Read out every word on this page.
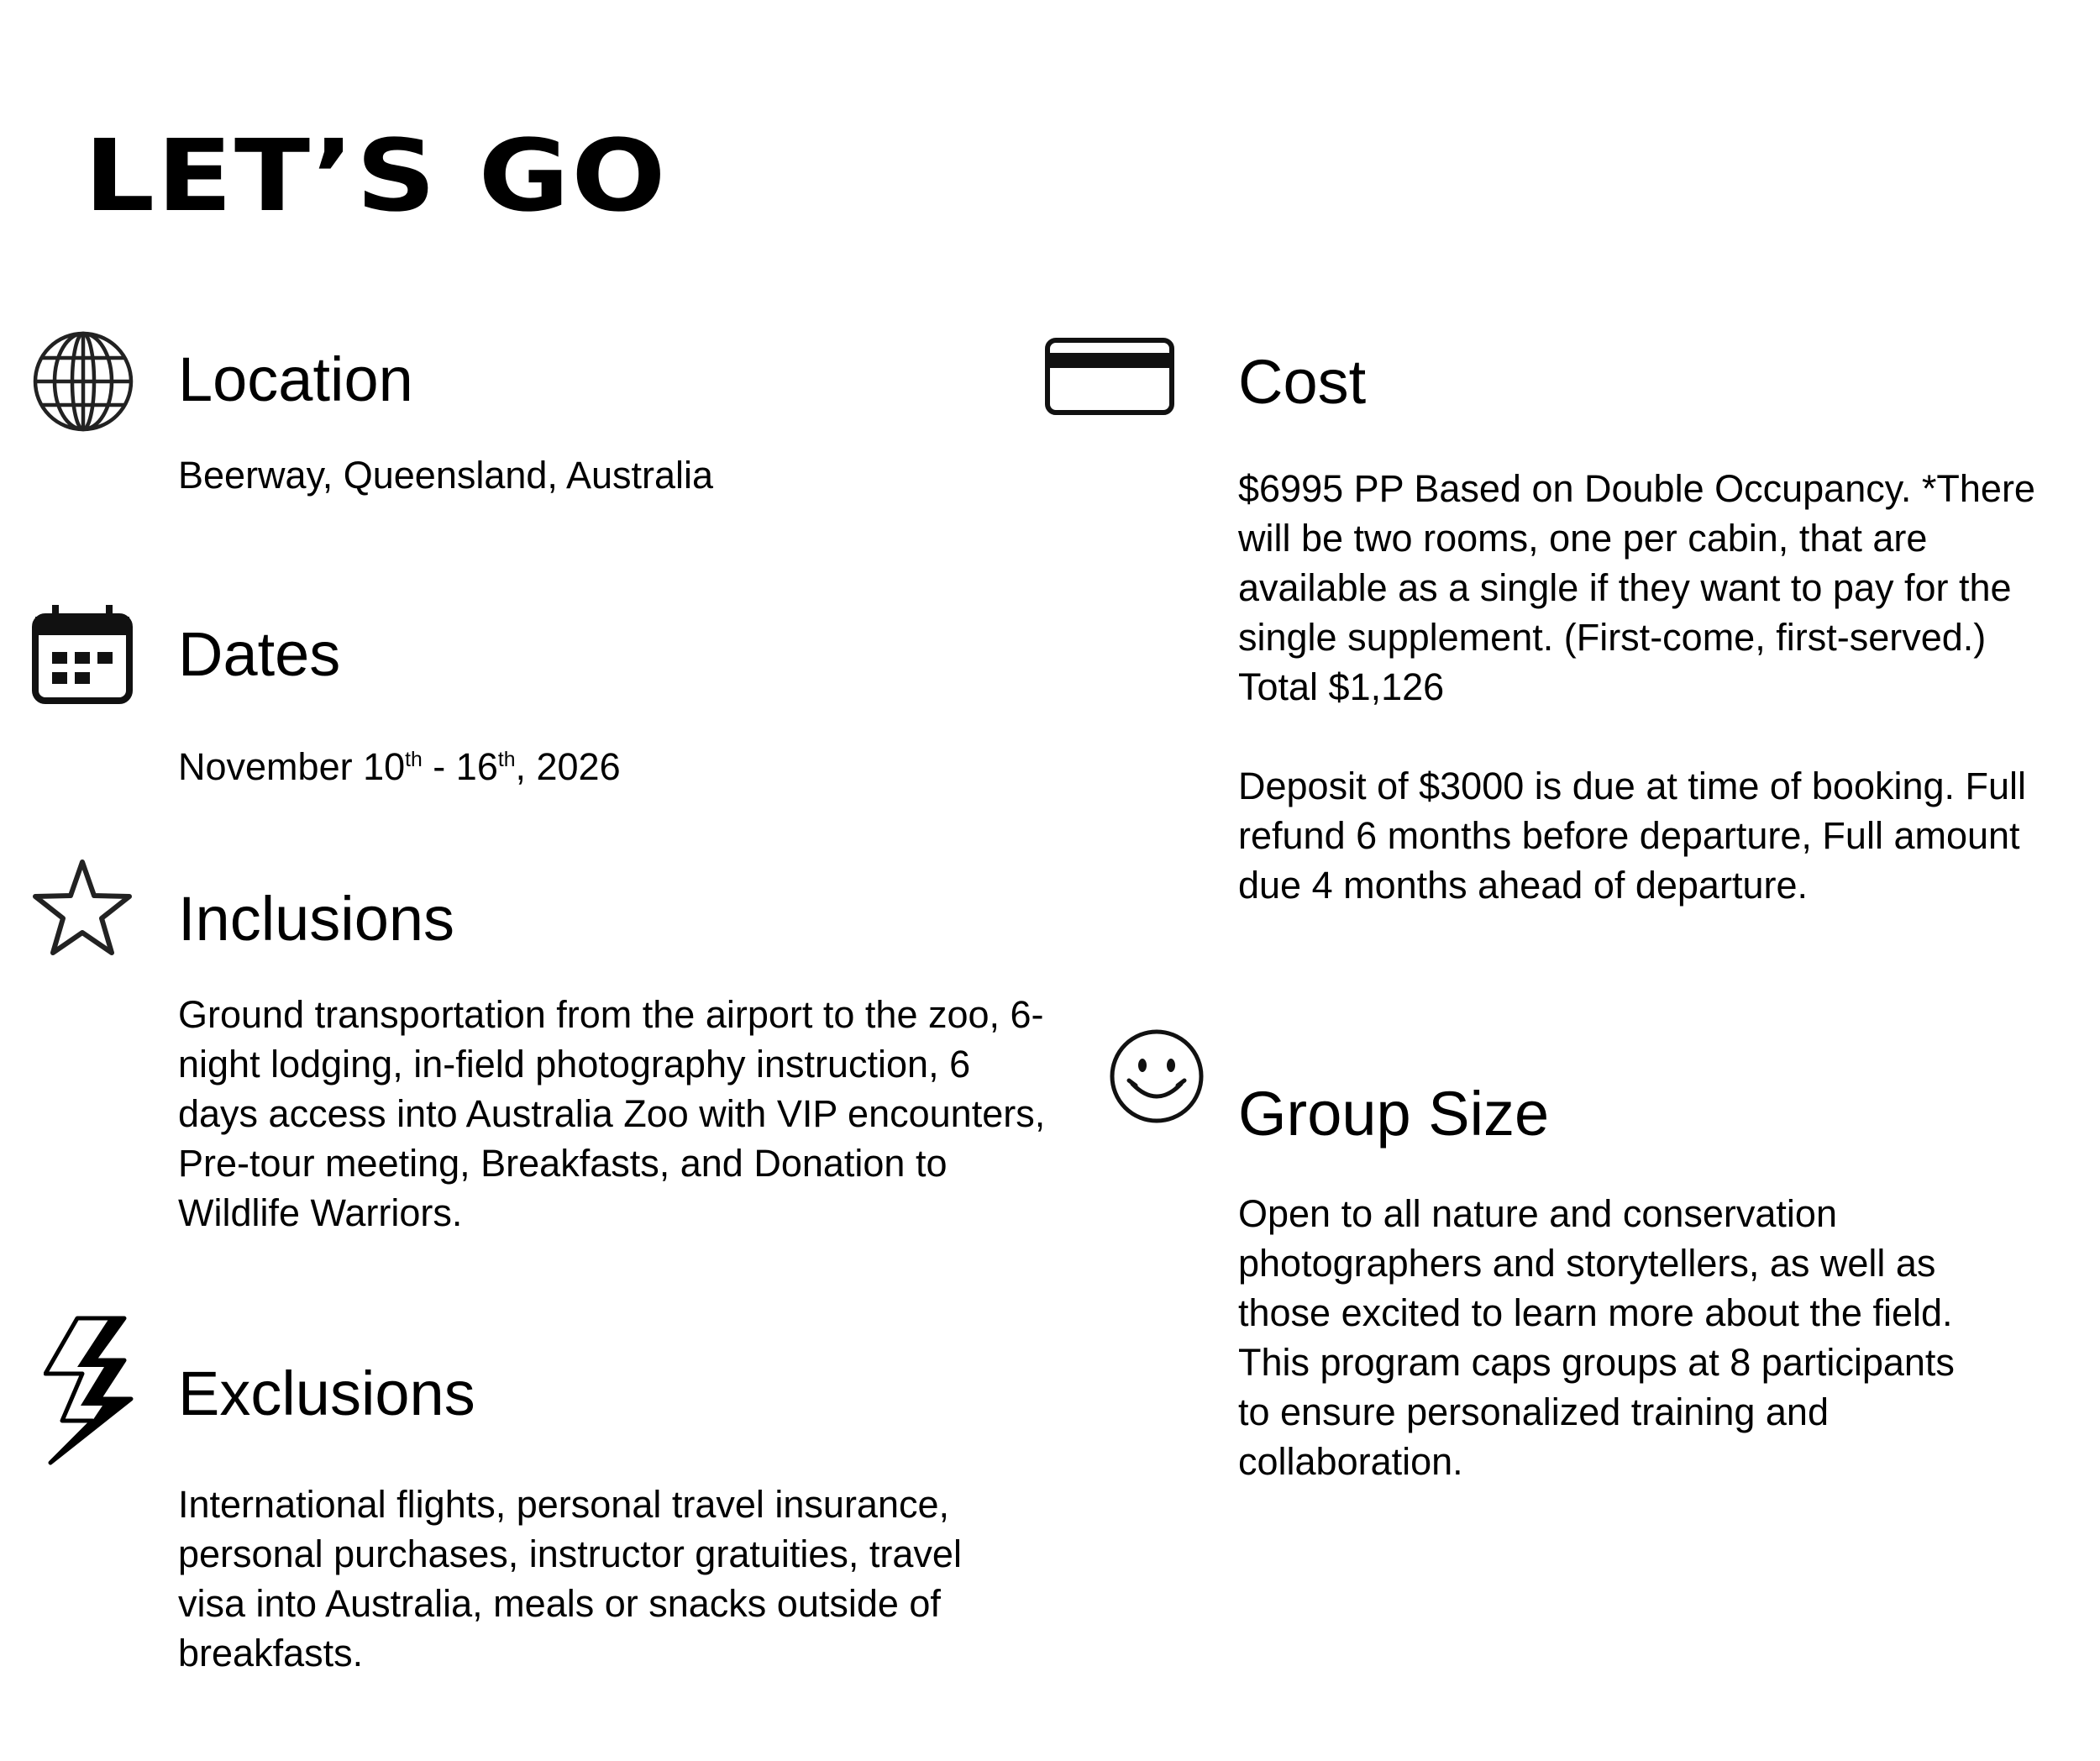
LET’S GO
Location

Beerway, Queensland, Australia

Dates

November 10th - 16th, 2026

Inclusions

Ground transportation from the airport to the zoo, 6-night lodging, in-field photography instruction, 6 days access into Australia Zoo with VIP encounters, Pre-tour meeting, Breakfasts, and Donation to Wildlife Warriors.

Exclusions

International flights, personal travel insurance, personal purchases, instructor gratuities, travel visa into Australia, meals or snacks outside of breakfasts.

Cost

$6995 PP Based on Double Occupancy. *There will be two rooms, one per cabin, that are available as a single if they want to pay for the single supplement. (First-come, first-served.)

Total $1,126

Deposit of $3000 is due at time of booking. Full refund 6 months before departure, Full amount due 4 months ahead of departure.

Group Size

Open to all nature and conservation photographers and storytellers, as well as those excited to learn more about the field. This program caps groups at 8 participants to ensure personalized training and collaboration.
